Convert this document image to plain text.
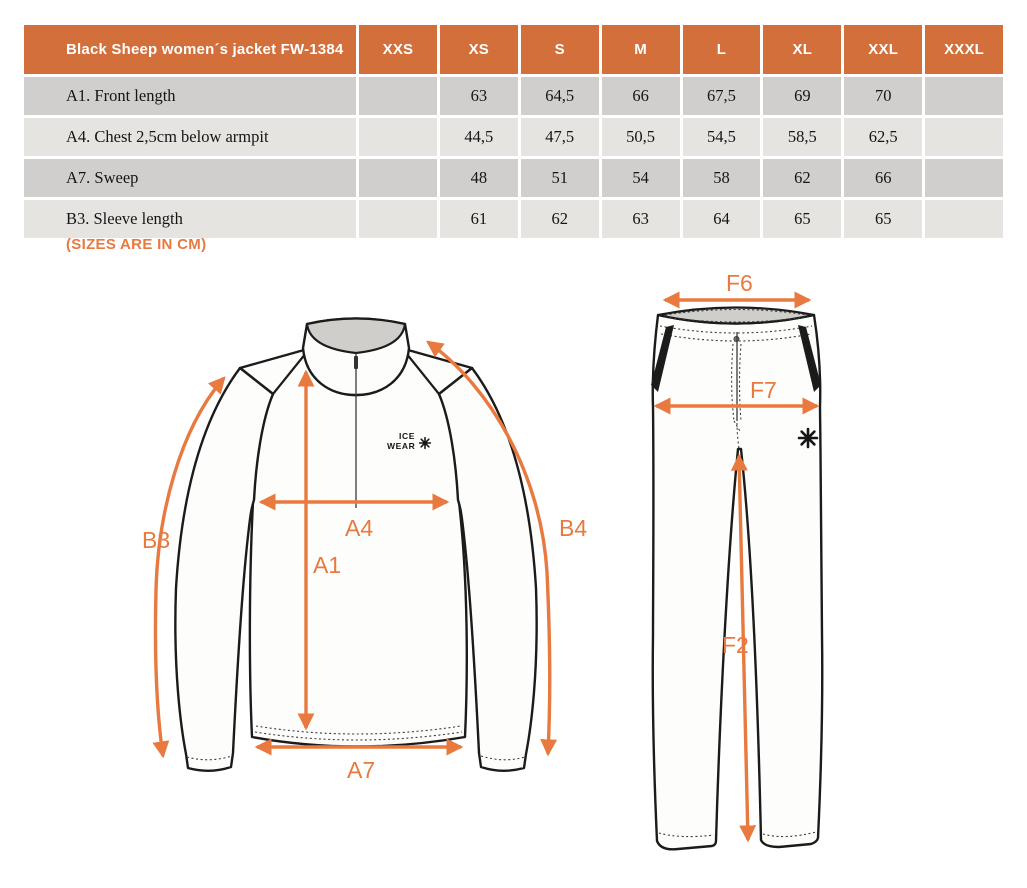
Black Sheep women´s jacket FW-1384	XXS	XS	S	M	L	XL	XXL	XXXL
A1. Front length		63	64,5	66	67,5	69	70	
A4. Chest 2,5cm below armpit		44,5	47,5	50,5	54,5	58,5	62,5	
A7. Sweep		48	51	54	58	62	66	
B3. Sleeve length		61	62	63	64	65	65	
(SIZES ARE IN CM)
ICE
WEAR
B3	A4
A1
B4
A7
F6
F7
F2
